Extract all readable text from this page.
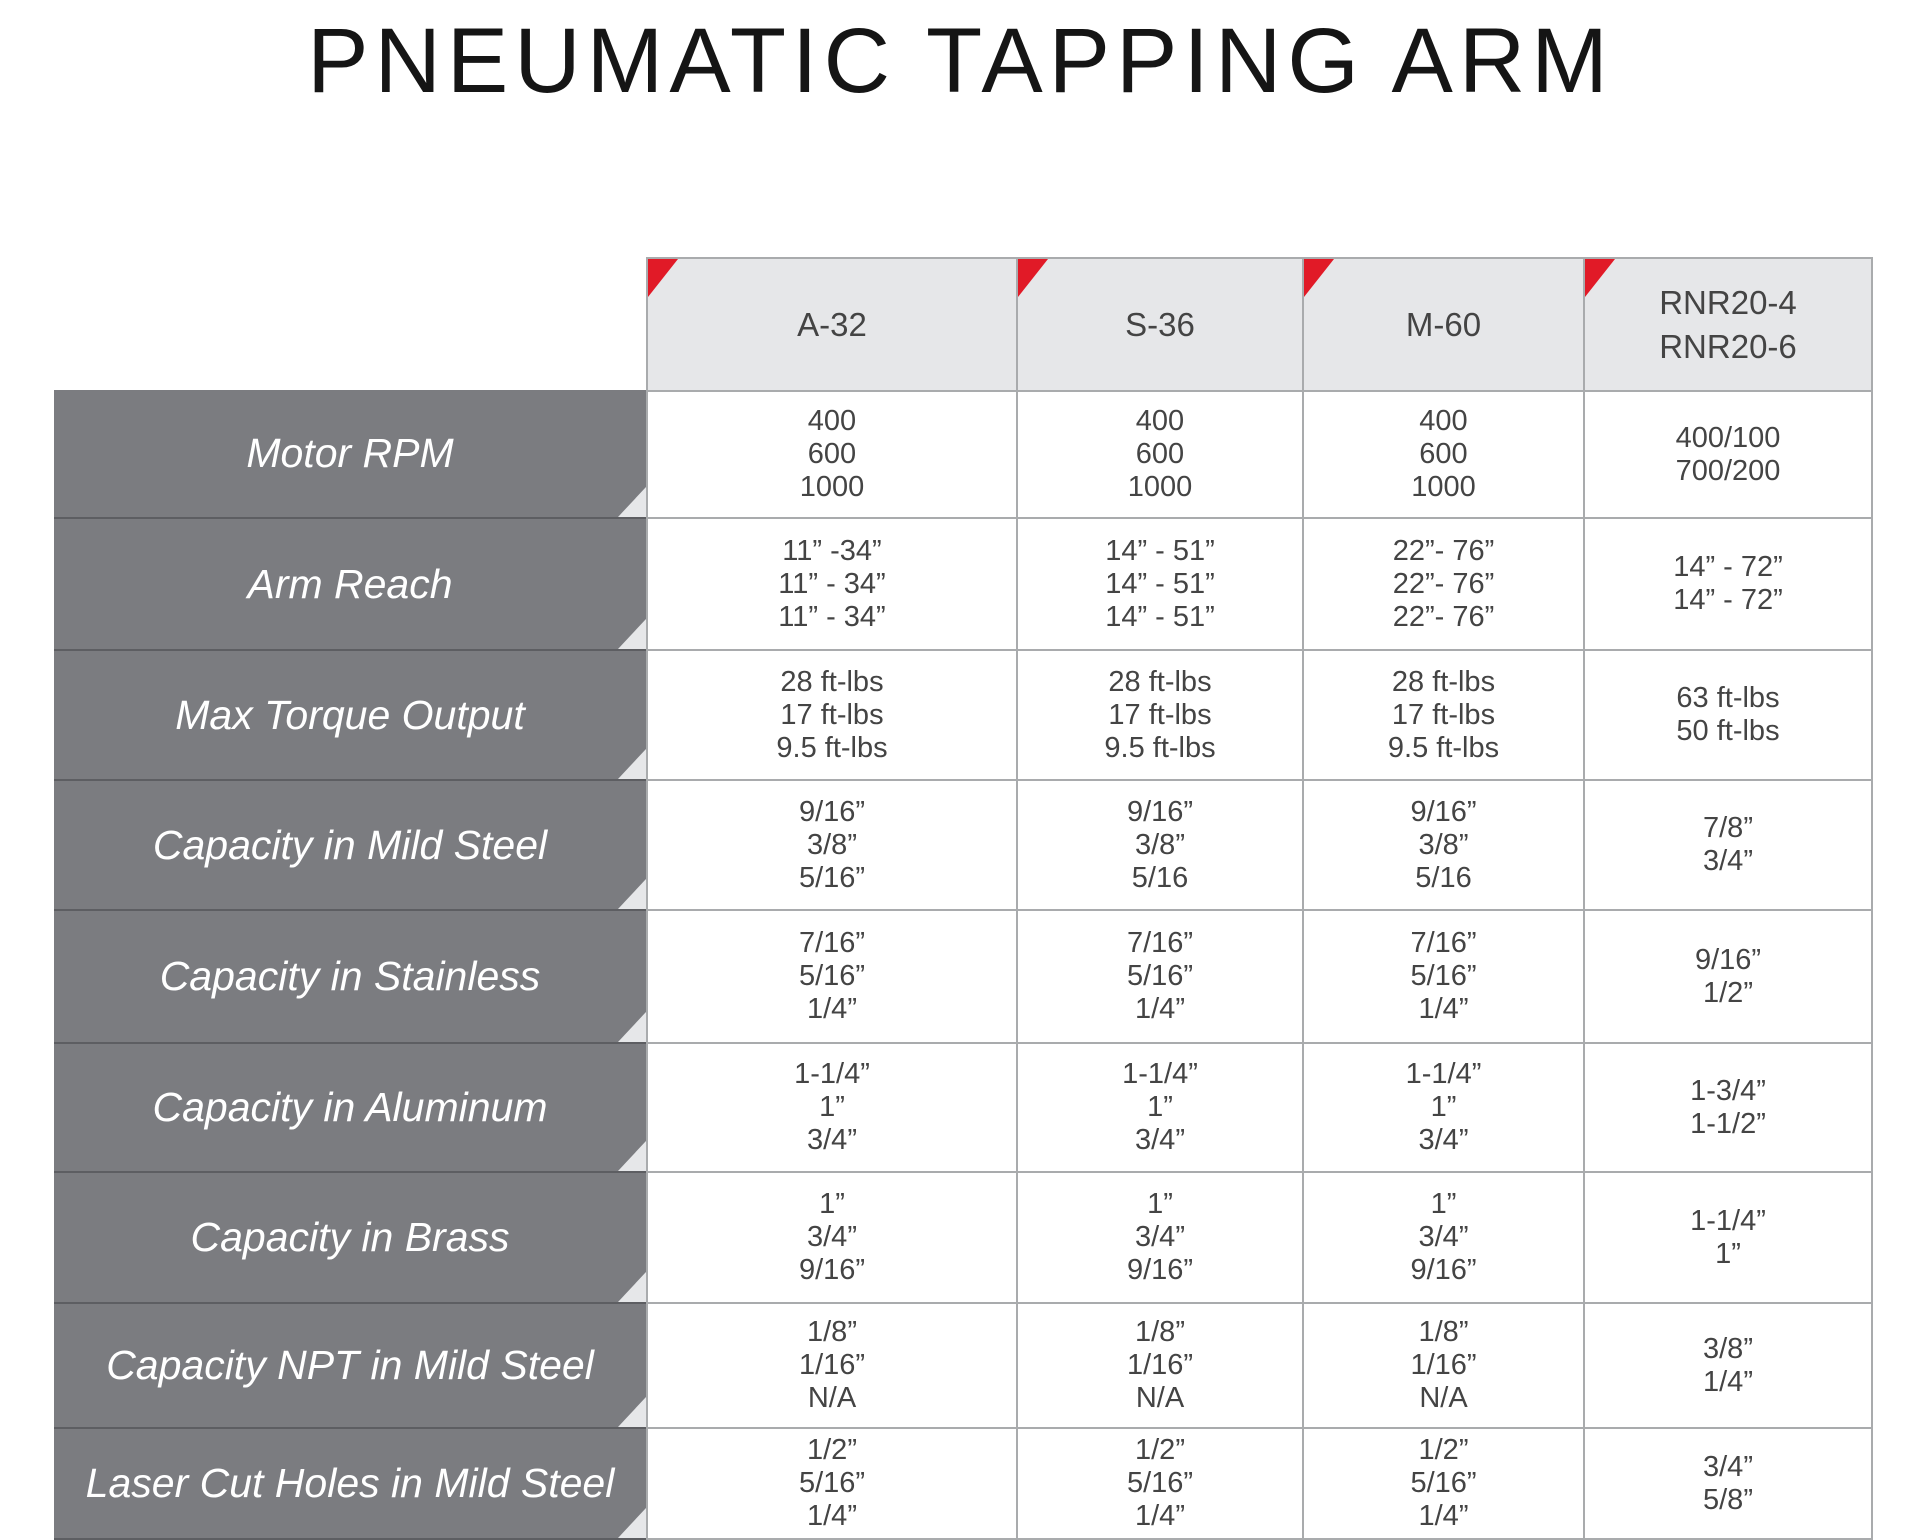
PNEUMATIC TAPPING ARM
A-32	S-36	M-60
RNR20-4
RNR20-6
Motor RPM
400
600
1000
400
600
1000
400
600
1000
400/100
700/200
Arm Reach
11” -34”
11” - 34”
11” - 34”
14” - 51”
14” - 51”
14” - 51”
22”- 76”
22”- 76”
22”- 76”
14” - 72”
14” - 72”
Max Torque Output
28 ft-lbs
17 ft-lbs
9.5 ft-lbs
28 ft-lbs
17 ft-lbs
9.5 ft-lbs
28 ft-lbs
17 ft-lbs
9.5 ft-lbs
63 ft-lbs
50 ft-lbs
Capacity in Mild Steel
9/16”
3/8”
5/16”
9/16”
3/8”
5/16
9/16”
3/8”
5/16
7/8”
3/4”
Capacity in Stainless
7/16”
5/16”
1/4”
7/16”
5/16”
1/4”
7/16”
5/16”
1/4”
9/16”
1/2”
Capacity in Aluminum
1-1/4”
1”
3/4”
1-1/4”
1”
3/4”
1-1/4”
1”
3/4”
1-3/4”
1-1/2”
Capacity in Brass
1”
3/4”
9/16”
1”
3/4”
9/16”
1”
3/4”
9/16”
1-1/4”
1”
Capacity NPT in Mild Steel
1/8”
1/16”
N/A
1/8”
1/16”
N/A
1/8”
1/16”
N/A
3/8”
1/4”
Laser Cut Holes in Mild Steel
1/2”
5/16”
1/4”
1/2”
5/16”
1/4”
1/2”
5/16”
1/4”
3/4”
5/8”
